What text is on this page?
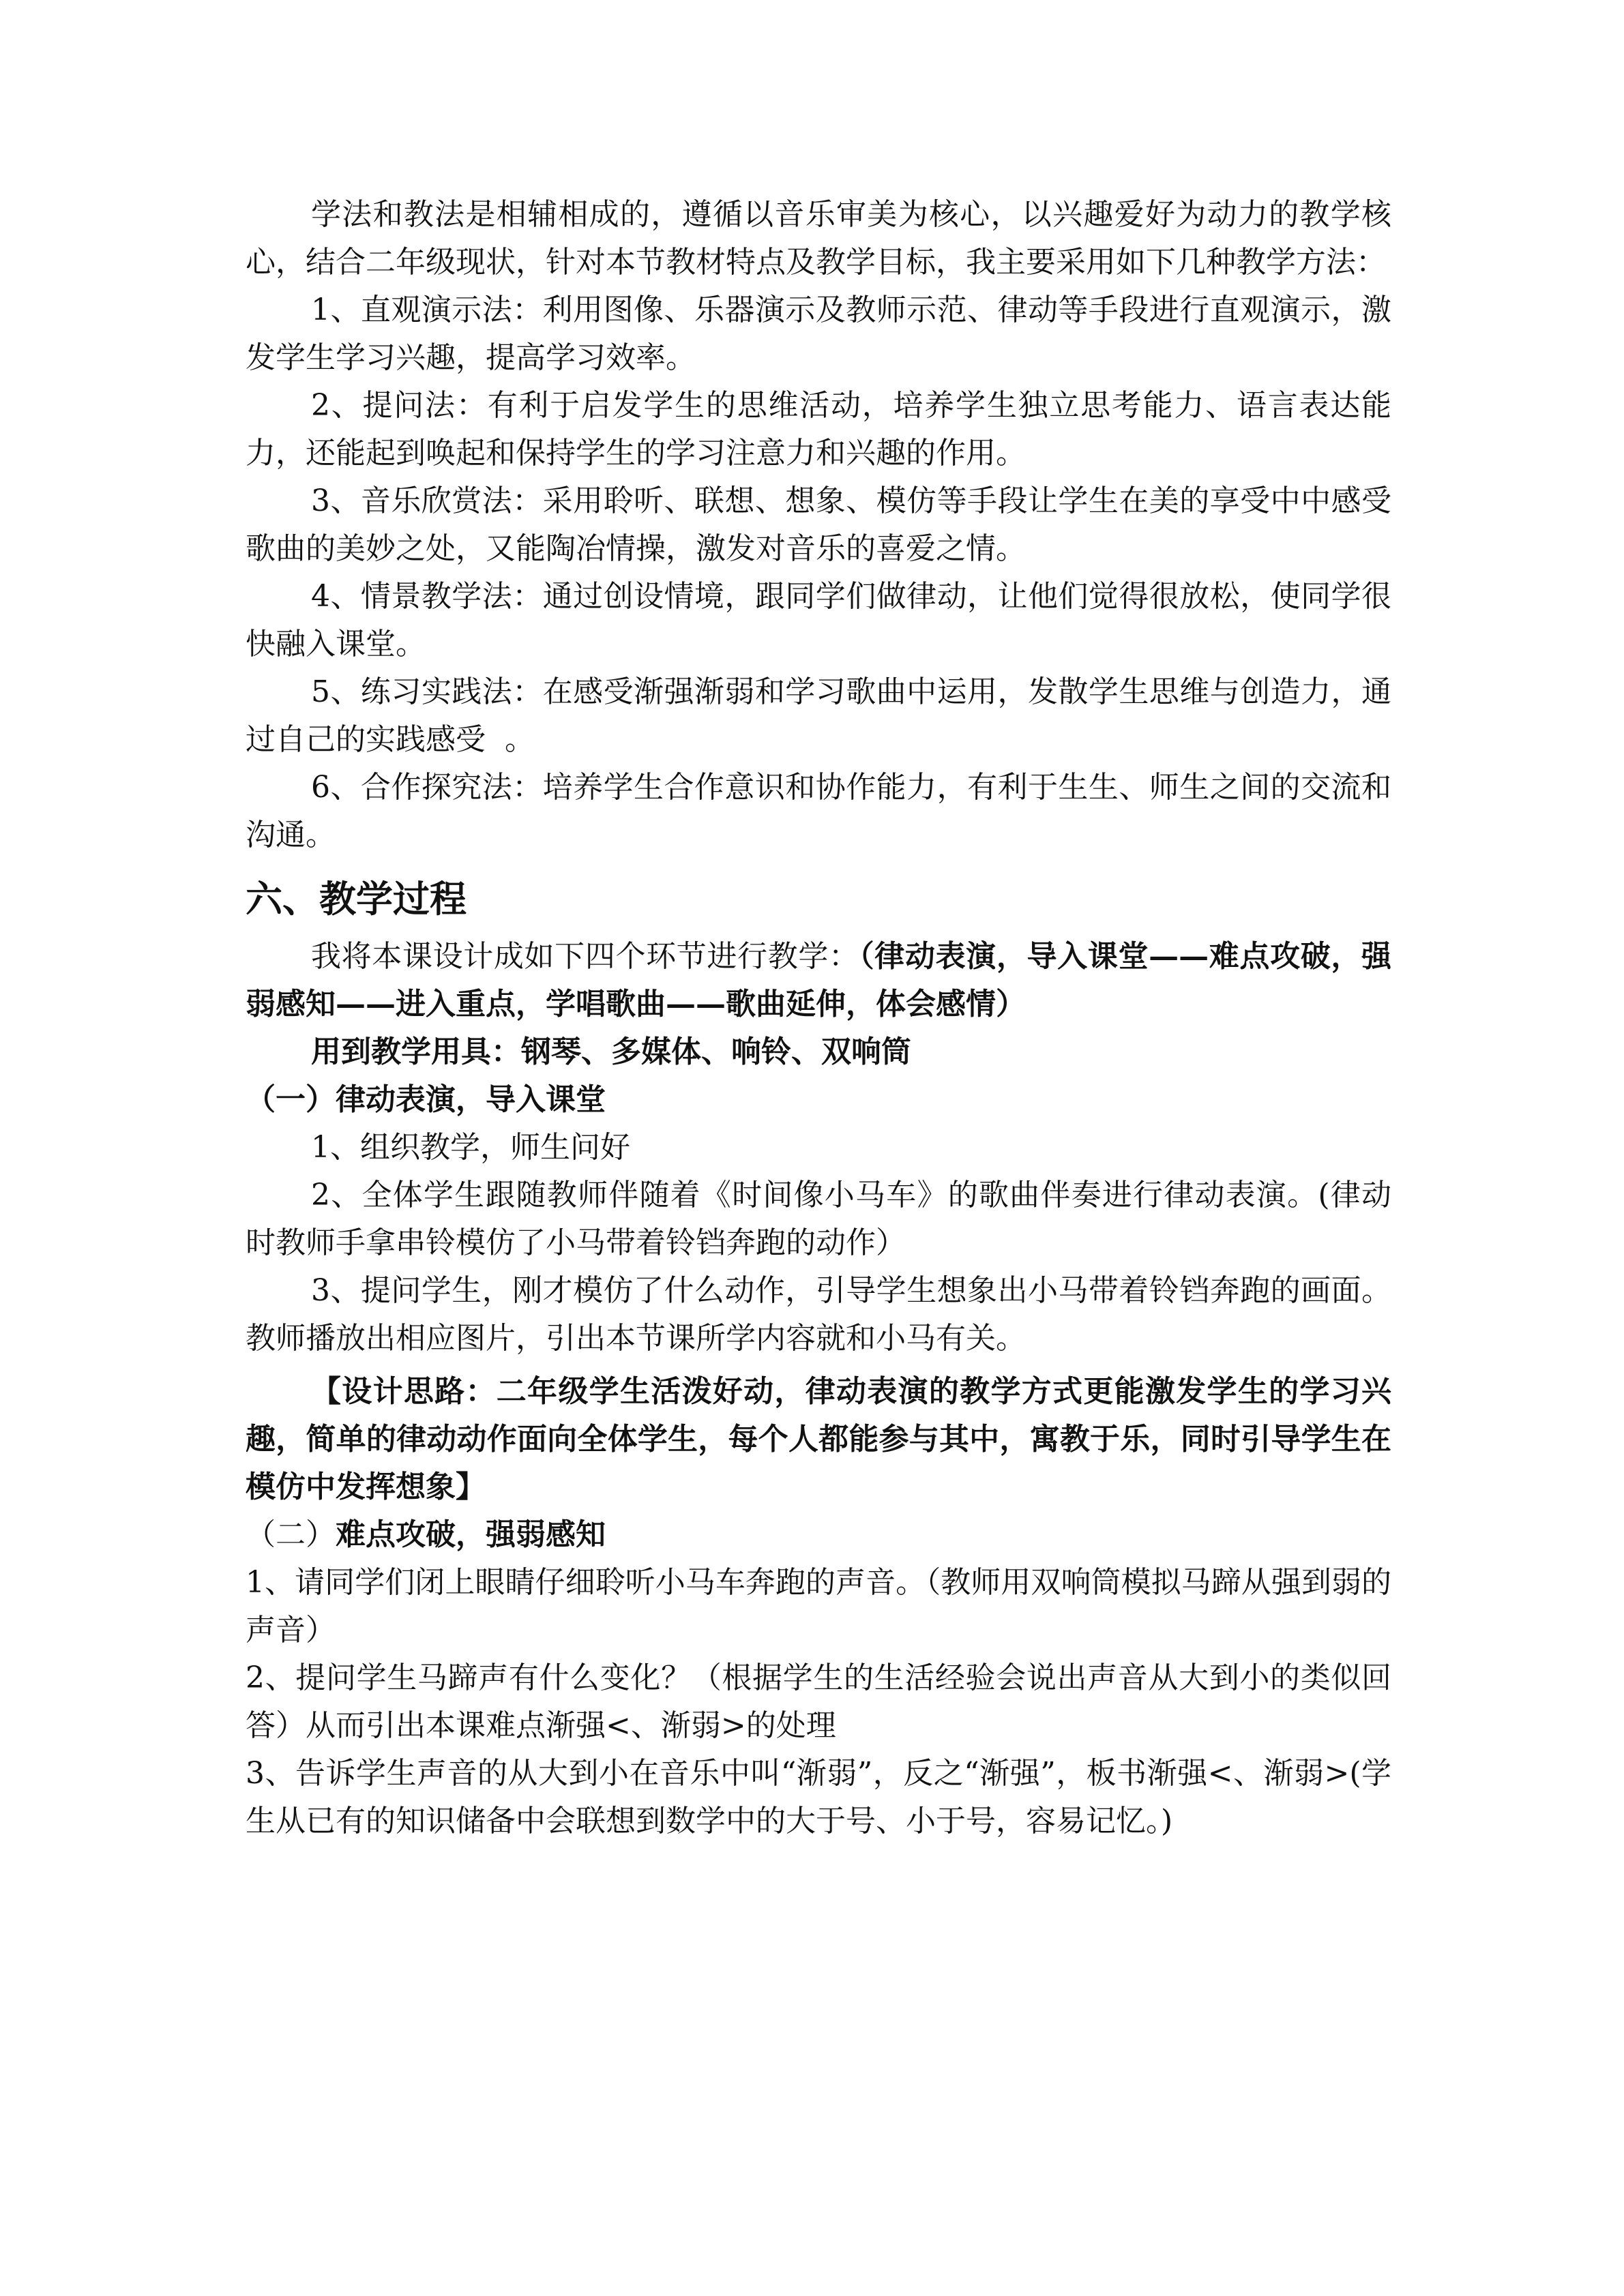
学法和教法是相辅相成的，遵循以音乐审美为核心，以兴趣爱好为动力的教学核心，结合二年级现状，针对本节教材特点及教学目标，我主要采用如下几种教学方法：

1、直观演示法：利用图像、乐器演示及教师示范、律动等手段进行直观演示，激发学生学习兴趣，提高学习效率。

2、提问法：有利于启发学生的思维活动，培养学生独立思考能力、语言表达能力，还能起到唤起和保持学生的学习注意力和兴趣的作用。

3、音乐欣赏法：采用聆听、联想、想象、模仿等手段让学生在美的享受中中感受歌曲的美妙之处，又能陶冶情操，激发对音乐的喜爱之情。

4、情景教学法：通过创设情境，跟同学们做律动，让他们觉得很放松，使同学很快融入课堂。

5、练习实践法：在感受渐强渐弱和学习歌曲中运用，发散学生思维与创造力，通过自己的实践感受  。

6、合作探究法：培养学生合作意识和协作能力，有利于生生、师生之间的交流和沟通。

六、教学过程

我将本课设计成如下四个环节进行教学：（律动表演，导入课堂——难点攻破，强弱感知——进入重点，学唱歌曲——歌曲延伸，体会感情）

用到教学用具：钢琴、多媒体、响铃、双响筒

（一）律动表演，导入课堂

1、组织教学，师生问好

2、全体学生跟随教师伴随着《时间像小马车》的歌曲伴奏进行律动表演。(律动时教师手拿串铃模仿了小马带着铃铛奔跑的动作）

3、提问学生，刚才模仿了什么动作，引导学生想象出小马带着铃铛奔跑的画面。教师播放出相应图片，引出本节课所学内容就和小马有关。

【设计思路：二年级学生活泼好动，律动表演的教学方式更能激发学生的学习兴趣，简单的律动动作面向全体学生，每个人都能参与其中，寓教于乐，同时引导学生在模仿中发挥想象】

（二）难点攻破，强弱感知

1、请同学们闭上眼睛仔细聆听小马车奔跑的声音。（教师用双响筒模拟马蹄从强到弱的声音）

2、提问学生马蹄声有什么变化？（根据学生的生活经验会说出声音从大到小的类似回答）从而引出本课难点渐强<、渐弱>的处理

3、告诉学生声音的从大到小在音乐中叫“渐弱”，反之“渐强”，板书渐强<、渐弱>(学生从已有的知识储备中会联想到数学中的大于号、小于号，容易记忆。)
